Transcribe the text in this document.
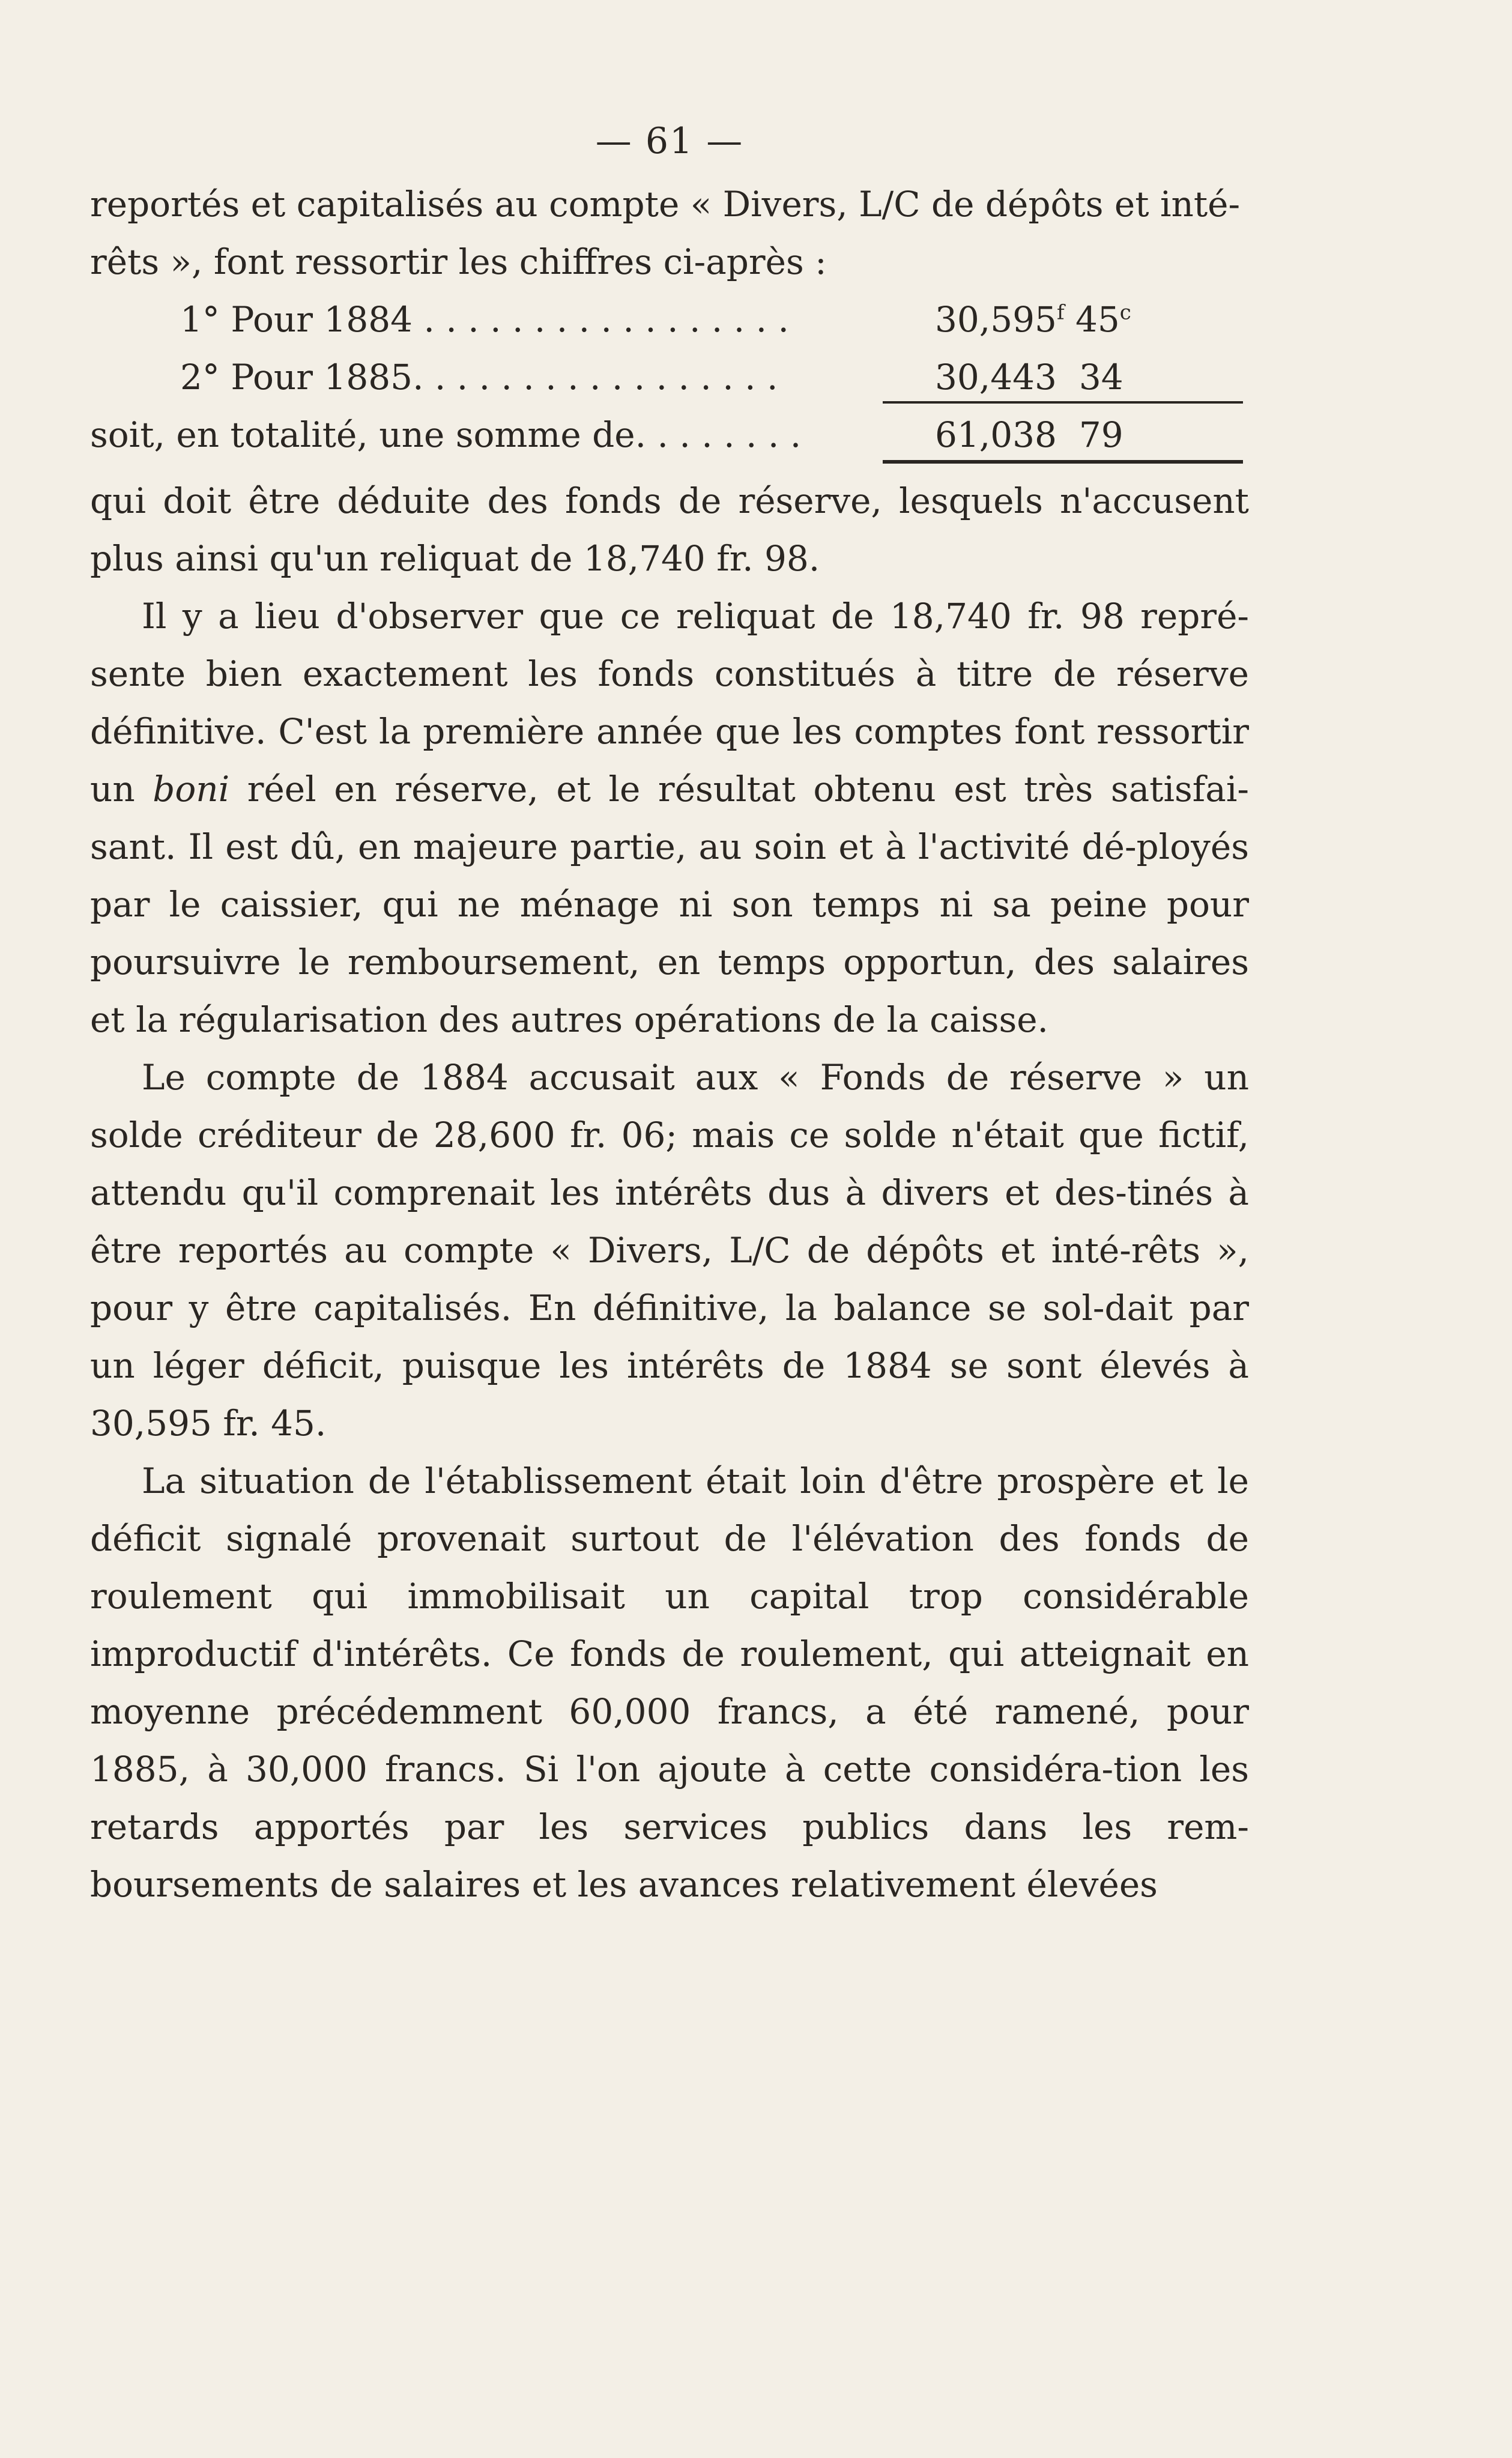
— 61 —

reportés et capitalisés au compte « Divers, L/C de dépôts et inté-

rêts », font ressortir les chiffres ci-après :

1° Pour 1884 . . . . . . . . . . . . . . . . .	30,595$^f$ 45$^c$
2° Pour 1885. . . . . . . . . . . . . . . . .	30,443 34
soit, en totalité, une somme de. . . . . . . .	61,038 79

qui doit être déduite des fonds de réserve, lesquels n'accusent plus ainsi qu'un reliquat de 18,740 fr. 98.

Il y a lieu d'observer que ce reliquat de 18,740 fr. 98 repré-sente bien exactement les fonds constitués à titre de réserve définitive. C'est la première année que les comptes font ressortir un boni réel en réserve, et le résultat obtenu est très satisfai-sant. Il est dû, en majeure partie, au soin et à l'activité dé-ployés par le caissier, qui ne ménage ni son temps ni sa peine pour poursuivre le remboursement, en temps opportun, des salaires et la régularisation des autres opérations de la caisse.

Le compte de 1884 accusait aux « Fonds de réserve » un solde créditeur de 28,600 fr. 06; mais ce solde n'était que fictif, attendu qu'il comprenait les intérêts dus à divers et des-tinés à être reportés au compte « Divers, L/C de dépôts et inté-rêts », pour y être capitalisés. En définitive, la balance se sol-dait par un léger déficit, puisque les intérêts de 1884 se sont élevés à 30,595 fr. 45.

La situation de l'établissement était loin d'être prospère et le déficit signalé provenait surtout de l'élévation des fonds de roulement qui immobilisait un capital trop considérable improductif d'intérêts. Ce fonds de roulement, qui atteignait en moyenne précédemment 60,000 francs, a été ramené, pour 1885, à 30,000 francs. Si l'on ajoute à cette considéra-tion les retards apportés par les services publics dans les rem-boursements de salaires et les avances relativement élevées
